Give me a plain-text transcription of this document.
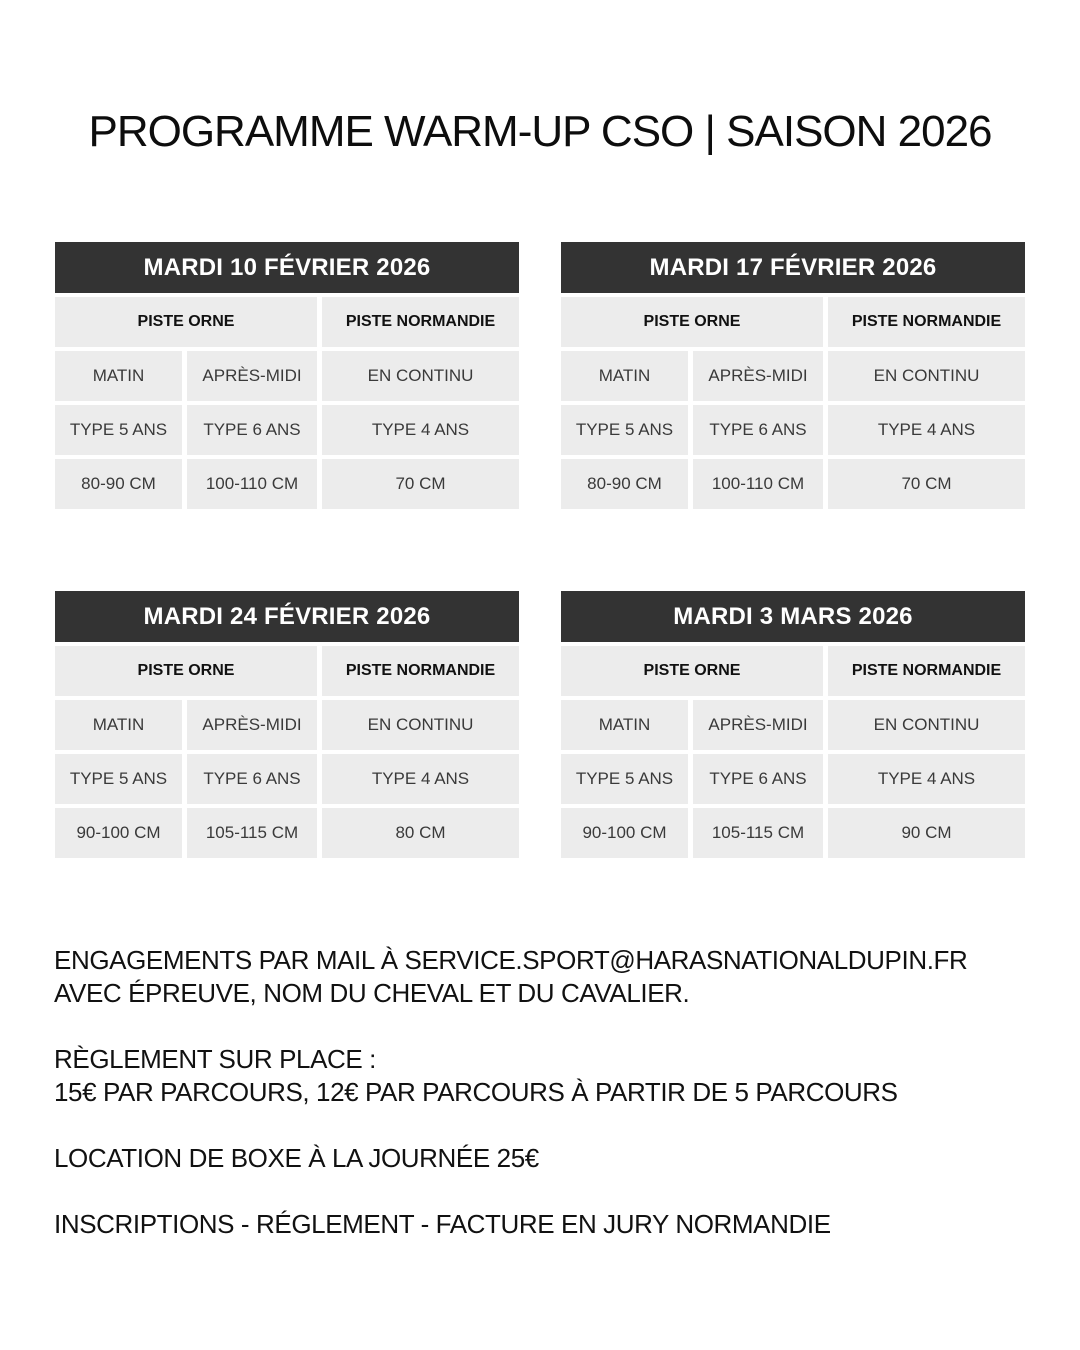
PROGRAMME WARM-UP CSO | SAISON 2026
MARDI 10 FÉVRIER 2026
PISTE ORNE	PISTE NORMANDIE
MATIN	APRÈS-MIDI	EN CONTINU
TYPE 5 ANS	TYPE 6 ANS	TYPE 4 ANS
80-90 CM	100-110 CM	70 CM
MARDI 17 FÉVRIER 2026
PISTE ORNE	PISTE NORMANDIE
MATIN	APRÈS-MIDI	EN CONTINU
TYPE 5 ANS	TYPE 6 ANS	TYPE 4 ANS
80-90 CM	100-110 CM	70 CM
MARDI 24 FÉVRIER 2026
PISTE ORNE	PISTE NORMANDIE
MATIN	APRÈS-MIDI	EN CONTINU
TYPE 5 ANS	TYPE 6 ANS	TYPE 4 ANS
90-100 CM	105-115 CM	80 CM
MARDI 3 MARS 2026
PISTE ORNE	PISTE NORMANDIE
MATIN	APRÈS-MIDI	EN CONTINU
TYPE 5 ANS	TYPE 6 ANS	TYPE 4 ANS
90-100 CM	105-115 CM	90 CM
ENGAGEMENTS PAR MAIL À SERVICE.SPORT@HARASNATIONALDUPIN.FR
AVEC ÉPREUVE, NOM DU CHEVAL ET DU CAVALIER.
RÈGLEMENT SUR PLACE :
15€ PAR PARCOURS, 12€ PAR PARCOURS À PARTIR DE 5 PARCOURS
LOCATION DE BOXE À LA JOURNÉE 25€
INSCRIPTIONS - RÉGLEMENT - FACTURE EN JURY NORMANDIE
